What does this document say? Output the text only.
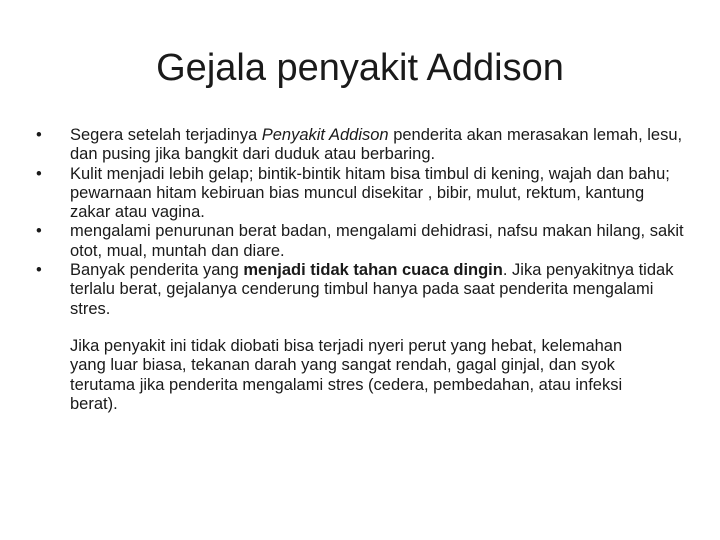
Gejala penyakit Addison
•	Segera setelah terjadinya Penyakit Addison penderita akan merasakan lemah, lesu, dan pusing jika bangkit dari duduk atau berbaring.
•	Kulit menjadi lebih gelap; bintik-bintik hitam bisa timbul di kening, wajah dan bahu; pewarnaan hitam kebiruan bias muncul disekitar , bibir, mulut, rektum, kantung zakar atau vagina.
•	mengalami penurunan berat badan, mengalami dehidrasi, nafsu makan hilang, sakit otot, mual, muntah dan diare.
•	Banyak penderita yang menjadi tidak tahan cuaca dingin. Jika penyakitnya tidak terlalu berat, gejalanya cenderung timbul hanya pada saat penderita mengalami stres.

Jika penyakit ini tidak diobati bisa terjadi nyeri perut yang hebat, kelemahan yang luar biasa, tekanan darah yang sangat rendah, gagal ginjal, dan syok terutama jika penderita mengalami stres (cedera, pembedahan, atau infeksi berat).
